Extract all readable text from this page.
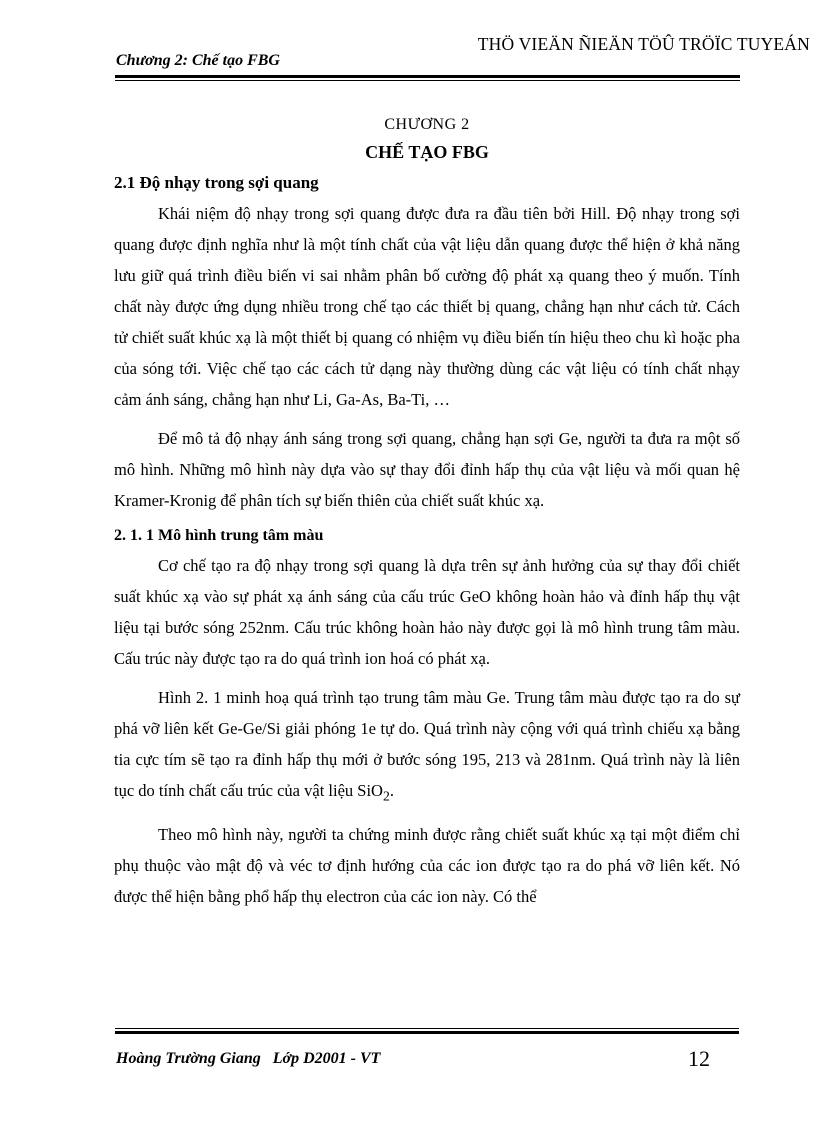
THÖ VIEÄN ÑIEÄN TÖÛ TRÖÏC TUYEÁN
Chương 2: Chế tạo FBG
CHƯƠNG 2
CHẾ TẠO FBG
2.1 Độ nhạy trong sợi quang

Khái niệm độ nhạy trong sợi quang được đưa ra đầu tiên bởi Hill. Độ nhạy trong sợi quang được định nghĩa như là một tính chất của vật liệu dẫn quang được thể hiện ở khả năng lưu giữ quá trình điều biến vi sai nhằm phân bố cường độ phát xạ quang theo ý muốn. Tính chất này được ứng dụng nhiều trong chế tạo các thiết bị quang, chẳng hạn như cách tử. Cách tử chiết suất khúc xạ là một thiết bị quang có nhiệm vụ điều biến tín hiệu theo chu kì hoặc pha của sóng tới. Việc chế tạo các cách tử dạng này thường dùng các vật liệu có tính chất nhạy cảm ánh sáng, chẳng hạn như Li, Ga-As, Ba-Ti, …

Để mô tả độ nhạy ánh sáng trong sợi quang, chẳng hạn sợi Ge, người ta đưa ra một số mô hình. Những mô hình này dựa vào sự thay đổi đỉnh hấp thụ của vật liệu và mối quan hệ Kramer-Kronig để phân tích sự biến thiên của chiết suất khúc xạ.

2. 1. 1 Mô hình trung tâm màu

Cơ chế tạo ra độ nhạy trong sợi quang là dựa trên sự ảnh hưởng của sự thay đổi chiết suất khúc xạ vào sự phát xạ ánh sáng của cấu trúc GeO không hoàn hảo và đỉnh hấp thụ vật liệu tại bước sóng 252nm. Cấu trúc không hoàn hảo này được gọi là mô hình trung tâm màu. Cấu trúc này được tạo ra do quá trình ion hoá có phát xạ.

Hình 2. 1 minh hoạ quá trình tạo trung tâm màu Ge. Trung tâm màu được tạo ra do sự phá vỡ liên kết Ge-Ge/Si giải phóng 1e tự do. Quá trình này cộng với quá trình chiếu xạ bằng tia cực tím sẽ tạo ra đỉnh hấp thụ mới ở bước sóng 195, 213 và 281nm. Quá trình này là liên tục do tính chất cấu trúc của vật liệu SiO$_2$.

Theo mô hình này, người ta chứng minh được rằng chiết suất khúc xạ tại một điểm chỉ phụ thuộc vào mật độ và véc tơ định hướng của các ion được tạo ra do phá vỡ liên kết. Nó được thể hiện bằng phổ hấp thụ electron của các ion này. Có thể

Hoàng Trường Giang   Lớp D2001 - VT	12
